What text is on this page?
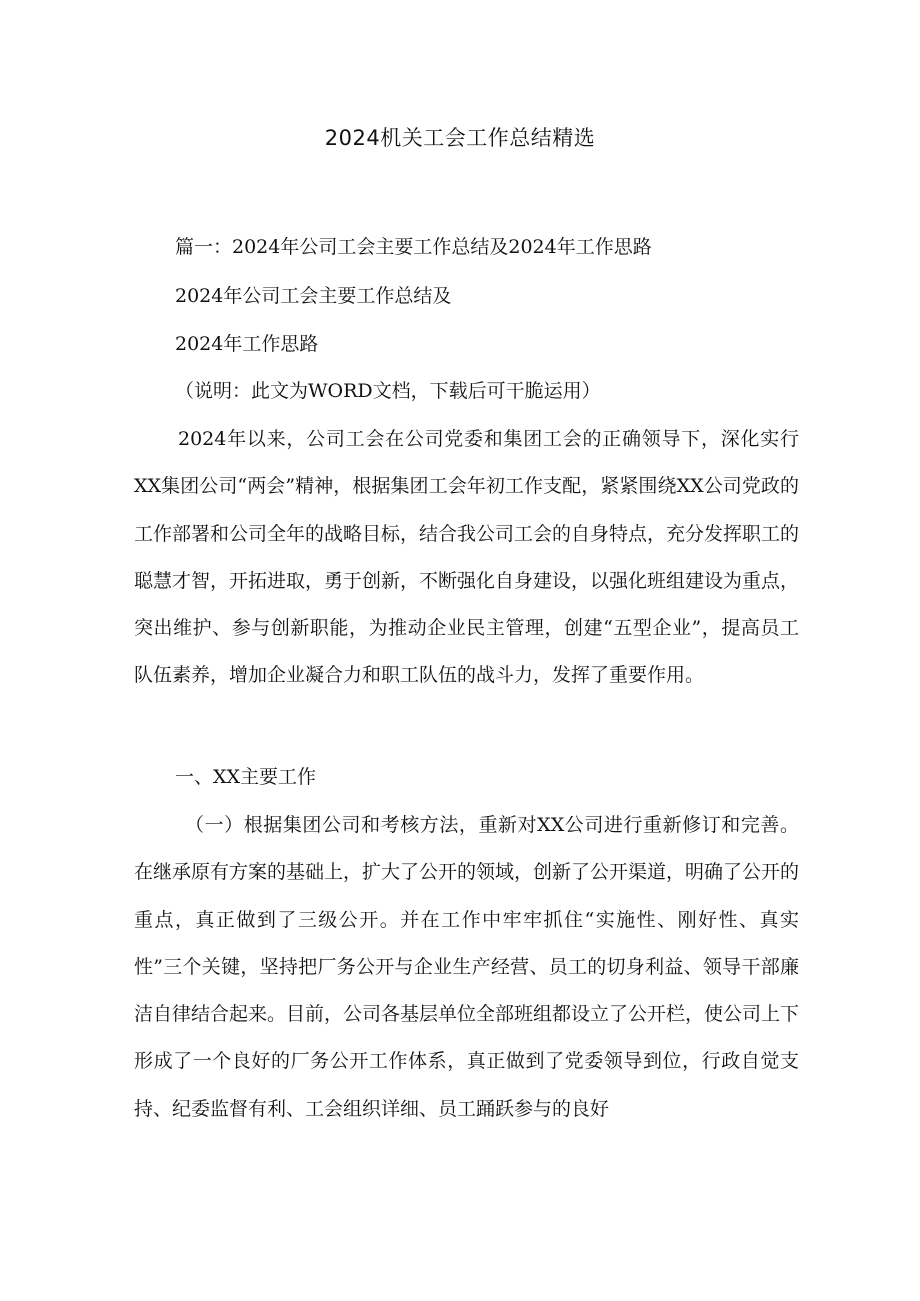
2024机关工会工作总结精选

篇一：2024年公司工会主要工作总结及2024年工作思路

2024年公司工会主要工作总结及

2024年工作思路

（说明：此文为WORD文档，下载后可干脆运用）

2024年以来，公司工会在公司党委和集团工会的正确领导下，深化实行XX集团公司“两会”精神，根据集团工会年初工作支配，紧紧围绕XX公司党政的工作部署和公司全年的战略目标，结合我公司工会的自身特点，充分发挥职工的聪慧才智，开拓进取，勇于创新，不断强化自身建设，以强化班组建设为重点，突出维护、参与创新职能，为推动企业民主管理，创建“五型企业”，提高员工队伍素养，增加企业凝合力和职工队伍的战斗力，发挥了重要作用。

一、XX主要工作

（一）根据集团公司和考核方法，重新对XX公司进行重新修订和完善。在继承原有方案的基础上，扩大了公开的领域，创新了公开渠道，明确了公开的重点，真正做到了三级公开。并在工作中牢牢抓住“实施性、刚好性、真实性”三个关键，坚持把厂务公开与企业生产经营、员工的切身利益、领导干部廉洁自律结合起来。目前，公司各基层单位全部班组都设立了公开栏，使公司上下形成了一个良好的厂务公开工作体系，真正做到了党委领导到位，行政自觉支持、纪委监督有利、工会组织详细、员工踊跃参与的良好
